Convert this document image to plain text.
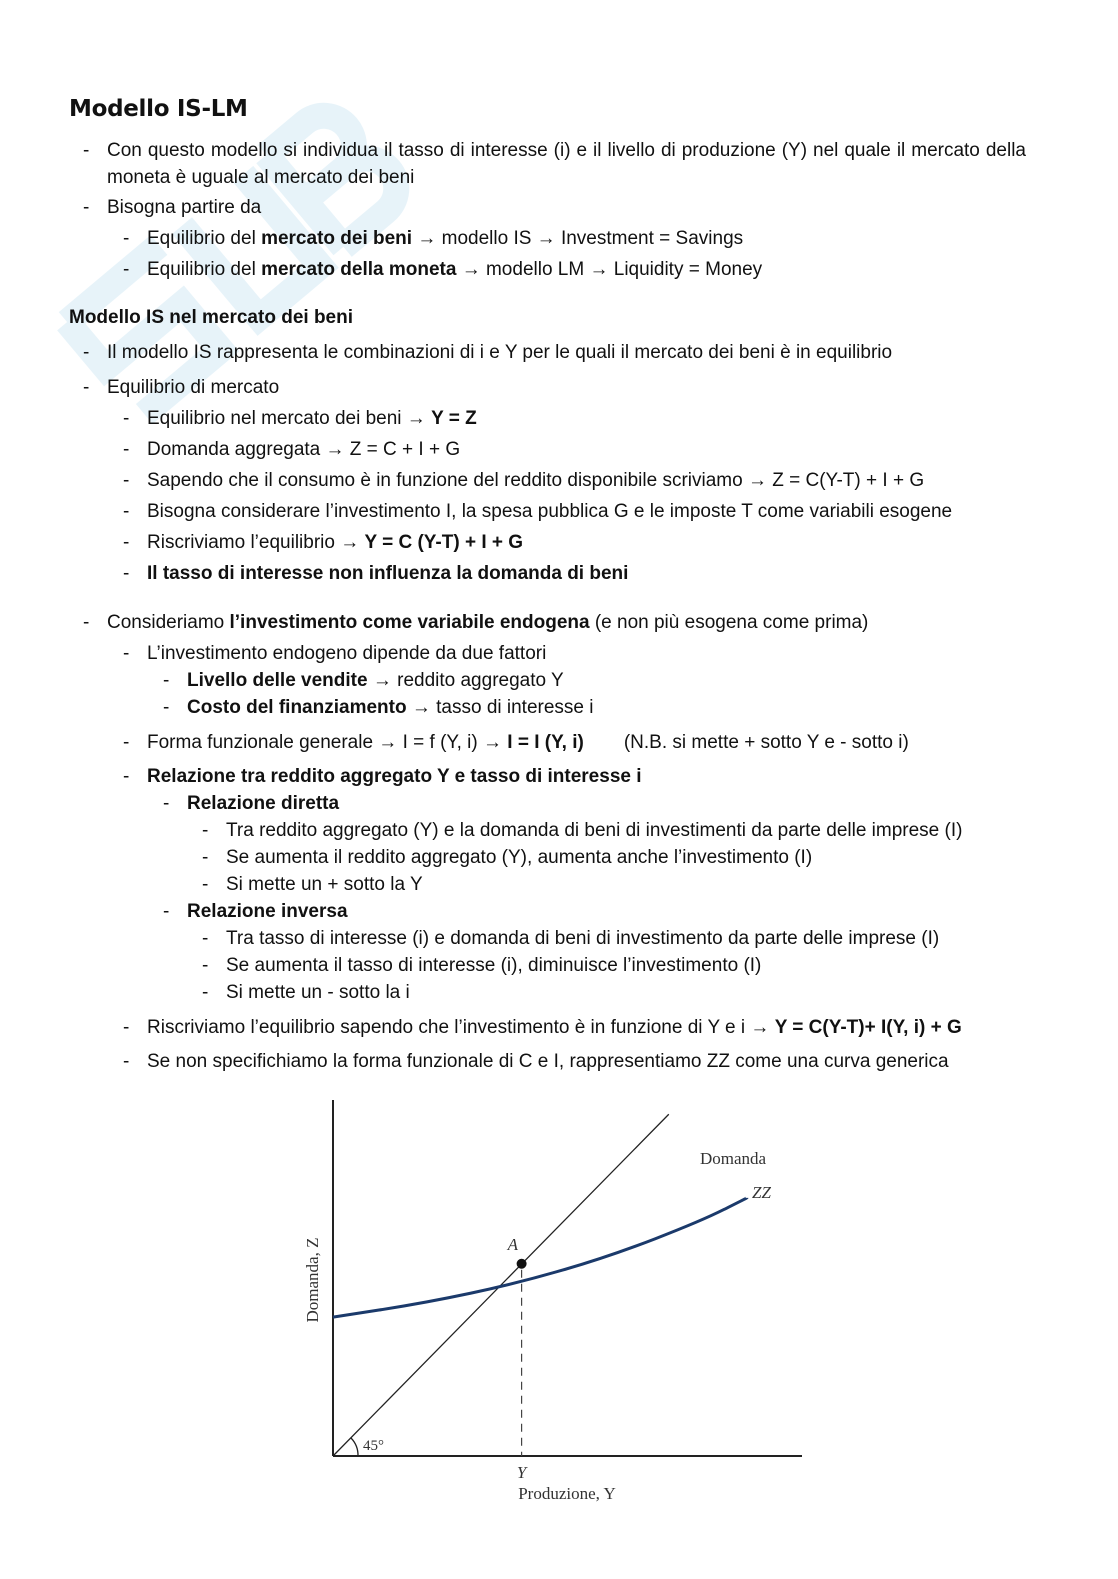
Modello IS-LM
- Con questo modello si individua il tasso di interesse (i) e il livello di produzione (Y) nel quale il mercato della moneta è uguale al mercato dei beni
- Bisogna partire da
- Equilibrio del mercato dei beni → modello IS → Investment = Savings
- Equilibrio del mercato della moneta → modello LM → Liquidity = Money
Modello IS nel mercato dei beni
- Il modello IS rappresenta le combinazioni di i e Y per le quali il mercato dei beni è in equilibrio
- Equilibrio di mercato
- Equilibrio nel mercato dei beni → Y = Z
- Domanda aggregata → Z = C + I + G
- Sapendo che il consumo è in funzione del reddito disponibile scriviamo → Z = C(Y-T) + I + G
- Bisogna considerare l’investimento I, la spesa pubblica G e le imposte T come variabili esogene
- Riscriviamo l’equilibrio → Y = C (Y-T) + I + G
- Il tasso di interesse non influenza la domanda di beni
- Consideriamo l’investimento come variabile endogena (e non più esogena come prima)
- L’investimento endogeno dipende da due fattori
- Livello delle vendite → reddito aggregato Y
- Costo del finanziamento → tasso di interesse i
- Forma funzionale generale → I = f (Y, i) → I = I (Y, i) (N.B. si mette + sotto Y e - sotto i)
- Relazione tra reddito aggregato Y e tasso di interesse i
- Relazione diretta
- Tra reddito aggregato (Y) e la domanda di beni di investimenti da parte delle imprese (I)
- Se aumenta il reddito aggregato (Y), aumenta anche l’investimento (I)
- Si mette un + sotto la Y
- Relazione inversa
- Tra tasso di interesse (i) e domanda di beni di investimento da parte delle imprese (I)
- Se aumenta il tasso di interesse (i), diminuisce l’investimento (I)
- Si mette un - sotto la i
- Riscriviamo l’equilibrio sapendo che l’investimento è in funzione di Y e i → Y = C(Y-T)+ I(Y, i) + G
- Se non specifichiamo la forma funzionale di C e I, rappresentiamo ZZ come una curva generica
A
Domanda
ZZ
45°
Y
Produzione, Y
Domanda, Z
